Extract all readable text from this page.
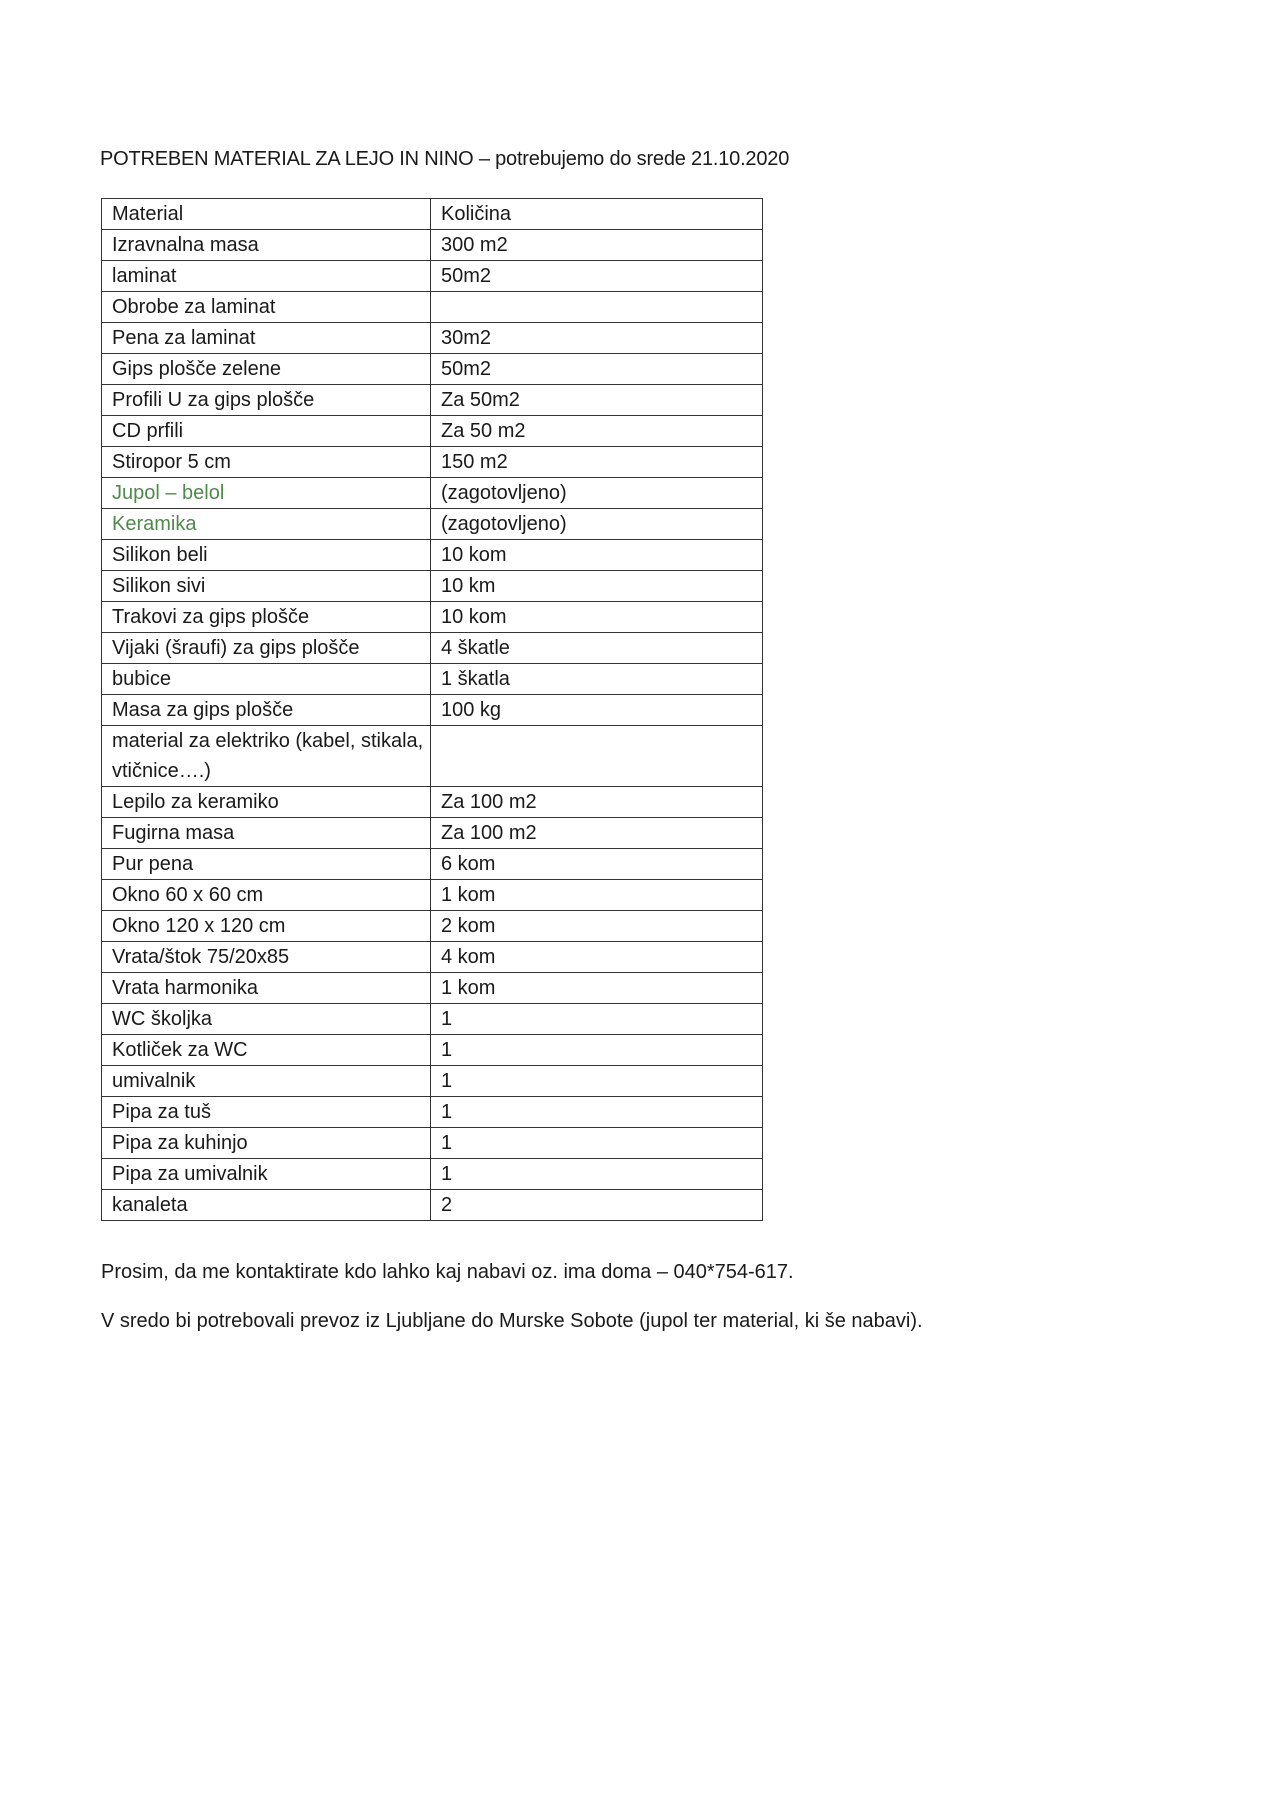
POTREBEN MATERIAL ZA LEJO IN NINO – potrebujemo do srede 21.10.2020
Material	Količina
Izravnalna masa	300 m2
laminat	50m2
Obrobe za laminat	
Pena za laminat	30m2
Gips plošče zelene	50m2
Profili U za gips plošče	Za 50m2
CD prfili	Za 50 m2
Stiropor 5 cm	150 m2
Jupol – belol	(zagotovljeno)
Keramika	(zagotovljeno)
Silikon beli	10 kom
Silikon sivi	10 km
Trakovi za gips plošče	10 kom
Vijaki (šraufi) za gips plošče	4 škatle
bubice	1 škatla
Masa za gips plošče	100 kg
material za elektriko (kabel, stikala, vtičnice….)	
Lepilo za keramiko	Za 100 m2
Fugirna masa	Za 100 m2
Pur pena	6 kom
Okno 60 x 60 cm	1 kom
Okno 120 x 120 cm	2 kom
Vrata/štok 75/20x85	4 kom
Vrata harmonika	1 kom
WC školjka	1
Kotliček za WC	1
umivalnik	1
Pipa za tuš	1
Pipa za kuhinjo	1
Pipa za umivalnik	1
kanaleta	2
Prosim, da me kontaktirate kdo lahko kaj nabavi oz. ima doma – 040*754-617.
V sredo bi potrebovali prevoz iz Ljubljane do Murske Sobote (jupol ter material, ki še nabavi).
